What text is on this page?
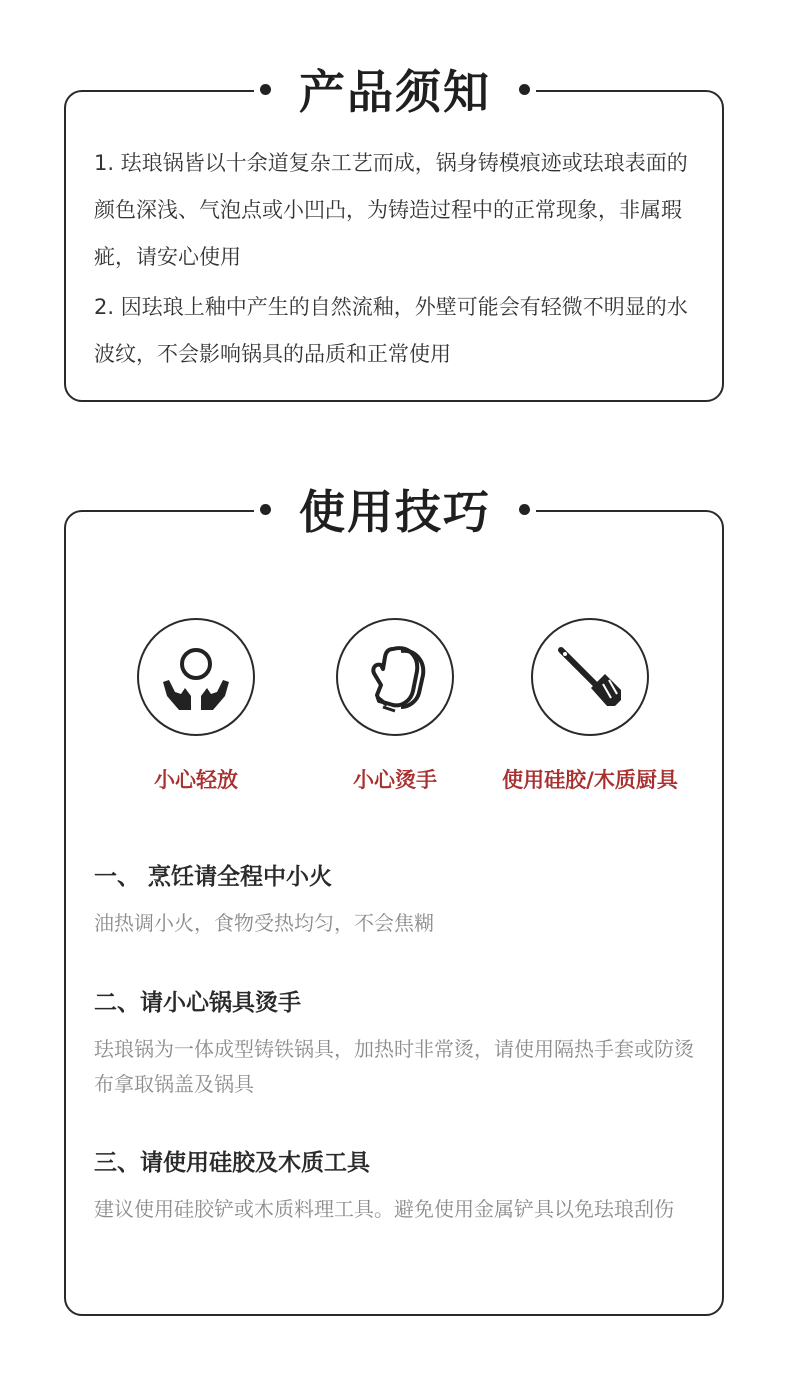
产品须知

1. 珐琅锅皆以十余道复杂工艺而成，锅身铸模痕迹或珐琅表面的颜色深浅、气泡点或小凹凸，为铸造过程中的正常现象，非属瑕疵，请安心使用

2. 因珐琅上釉中产生的自然流釉，外壁可能会有轻微不明显的水波纹，不会影响锅具的品质和正常使用

使用技巧
小心轻放	小心烫手	使用硅胶/木质厨具
一、 烹饪请全程中小火

油热调小火，食物受热均匀，不会焦糊

二、请小心锅具烫手

珐琅锅为一体成型铸铁锅具，加热时非常烫，请使用隔热手套或防烫布拿取锅盖及锅具

三、请使用硅胶及木质工具

建议使用硅胶铲或木质料理工具。避免使用金属铲具以免珐琅刮伤
